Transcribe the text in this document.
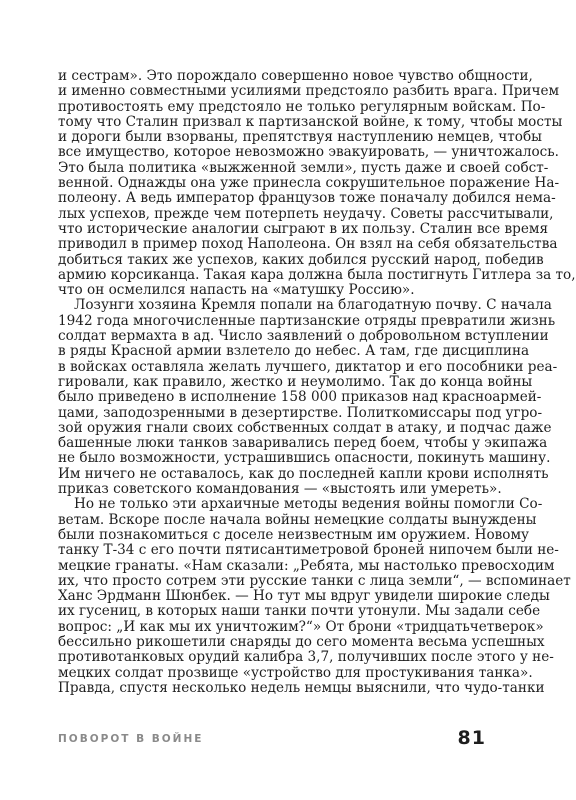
и сестрам». Это порождало совершенно новое чувство общности,
и именно совместными усилиями предстояло разбить врага. Причем
противостоять ему предстояло не только регулярным войскам. По-
тому что Сталин призвал к партизанской войне, к тому, чтобы мосты
и дороги были взорваны, препятствуя наступлению немцев, чтобы
все имущество, которое невозможно эвакуировать, — уничтожалось.
Это была политика «выжженной земли», пусть даже и своей собст-
венной. Однажды она уже принесла сокрушительное поражение На-
полеону. А ведь император французов тоже поначалу добился нема-
лых успехов, прежде чем потерпеть неудачу. Советы рассчитывали,
что исторические аналогии сыграют в их пользу. Сталин все время
приводил в пример поход Наполеона. Он взял на себя обязательства
добиться таких же успехов, каких добился русский народ, победив
армию корсиканца. Такая кара должна была постигнуть Гитлера за то,
что он осмелился напасть на «матушку Россию».
Лозунги хозяина Кремля попали на благодатную почву. С начала
1942 года многочисленные партизанские отряды превратили жизнь
солдат вермахта в ад. Число заявлений о добровольном вступлении
в ряды Красной армии взлетело до небес. А там, где дисциплина
в войсках оставляла желать лучшего, диктатор и его пособники реа-
гировали, как правило, жестко и неумолимо. Так до конца войны
было приведено в исполнение 158 000 приказов над красноармей-
цами, заподозренными в дезертирстве. Политкомиссары под угро-
зой оружия гнали своих собственных солдат в атаку, и подчас даже
башенные люки танков заваривались перед боем, чтобы у экипажа
не было возможности, устрашившись опасности, покинуть машину.
Им ничего не оставалось, как до последней капли крови исполнять
приказ советского командования — «выстоять или умереть».
Но не только эти архаичные методы ведения войны помогли Со-
ветам. Вскоре после начала войны немецкие солдаты вынуждены
были познакомиться с доселе неизвестным им оружием. Новому
танку Т-34 с его почти пятисантиметровой броней нипочем были не-
мецкие гранаты. «Нам сказали: „Ребята, мы настолько превосходим
их, что просто сотрем эти русские танки с лица земли“, — вспоминает
Ханс Эрдманн Шюнбек. — Но тут мы вдруг увидели широкие следы
их гусениц, в которых наши танки почти утонули. Мы задали себе
вопрос: „И как мы их уничтожим?“» От брони «тридцатьчетверок»
бессильно рикошетили снаряды до сего момента весьма успешных
противотанковых орудий калибра 3,7, получивших после этого у не-
мецких солдат прозвище «устройство для простукивания танка».
Правда, спустя несколько недель немцы выяснили, что чудо-танки
ПОВОРОТ В ВОЙНЕ	81
